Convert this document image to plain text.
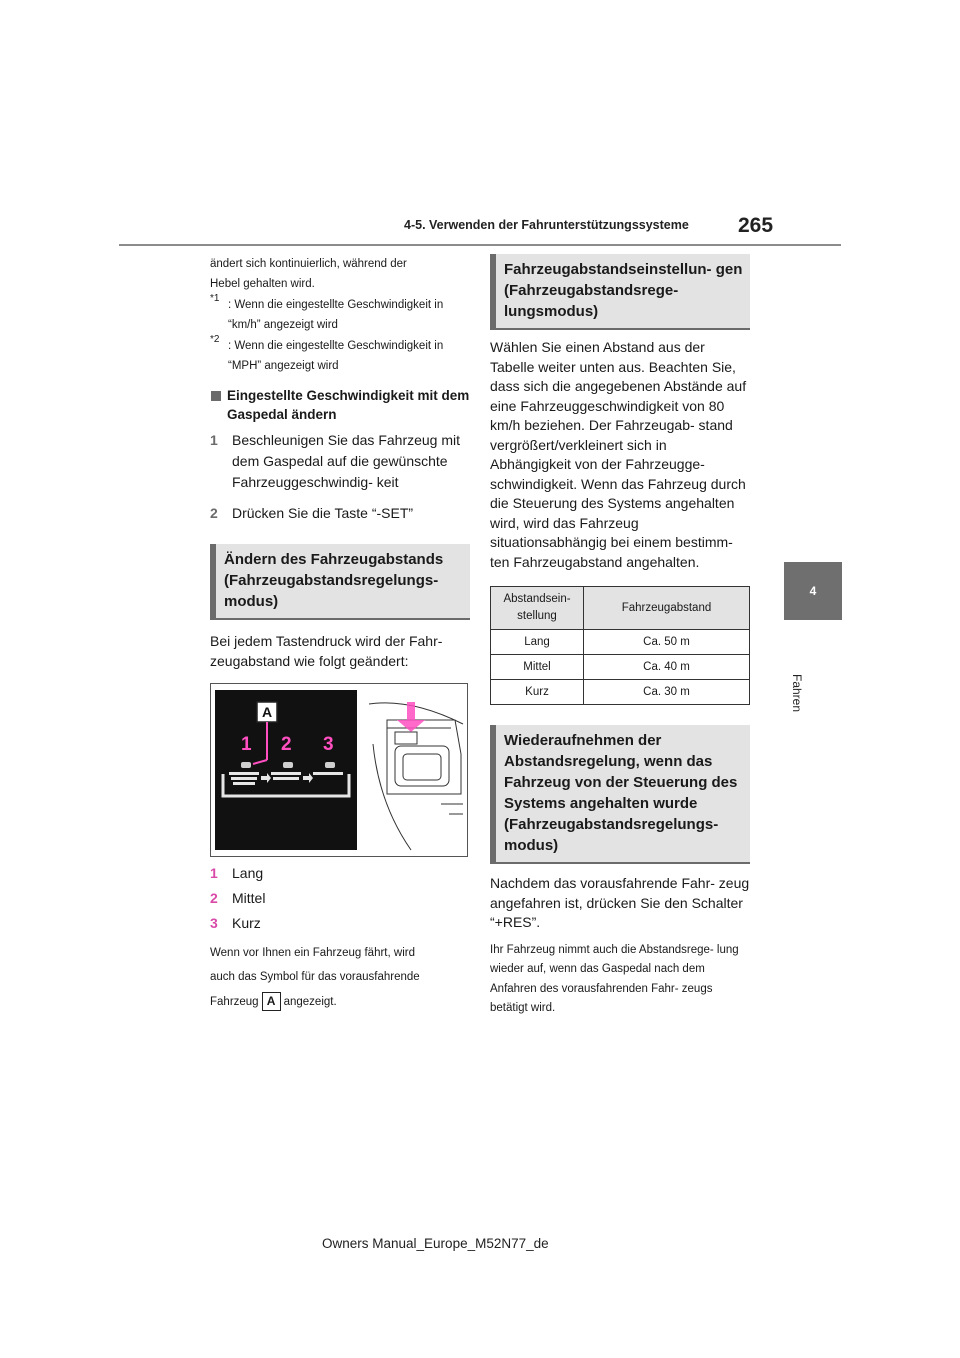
4-5. Verwenden der Fahrunterstützungssysteme 265
4
Fahren
ändert sich kontinuierlich, während der
Hebel gehalten wird.
*1
: Wenn die eingestellte Geschwindigkeit in “km/h” angezeigt wird
*2
: Wenn die eingestellte Geschwindigkeit in “MPH” angezeigt wird
Eingestellte Geschwindigkeit mit dem Gaspedal ändern
1 Beschleunigen Sie das Fahrzeug mit dem Gaspedal auf die gewünschte Fahrzeuggeschwindig- keit
2 Drücken Sie die Taste “-SET”
Ändern des Fahrzeugabstands (Fahrzeugabstandsregelungs- modus)
Bei jedem Tastendruck wird der Fahr- zeugabstand wie folgt geändert:
A
1 2 3
1 Lang
2 Mittel
3 Kurz
Wenn vor Ihnen ein Fahrzeug fährt, wird
auch das Symbol für das vorausfahrende
Fahrzeug A angezeigt.
Fahrzeugabstandseinstellun- gen (Fahrzeugabstandsrege- lungsmodus)
Wählen Sie einen Abstand aus der Tabelle weiter unten aus. Beachten Sie, dass sich die angegebenen Abstände auf eine Fahrzeuggeschwindigkeit von 80 km/h beziehen. Der Fahrzeugab- stand vergrößert/verkleinert sich in Abhängigkeit von der Fahrzeugge- schwindigkeit. Wenn das Fahrzeug durch die Steuerung des Systems angehalten wird, wird das Fahrzeug situationsabhängig bei einem bestimm- ten Fahrzeugabstand angehalten.
Abstandsein- stellung	Fahrzeugabstand
Lang	Ca. 50 m
Mittel	Ca. 40 m
Kurz	Ca. 30 m
Wiederaufnehmen der Abstandsregelung, wenn das Fahrzeug von der Steuerung des Systems angehalten wurde (Fahrzeugabstandsregelungs- modus)
Nachdem das vorausfahrende Fahr- zeug angefahren ist, drücken Sie den Schalter “+RES”.
Ihr Fahrzeug nimmt auch die Abstandsrege- lung wieder auf, wenn das Gaspedal nach dem Anfahren des vorausfahrenden Fahr- zeugs betätigt wird.
Owners Manual_Europe_M52N77_de
